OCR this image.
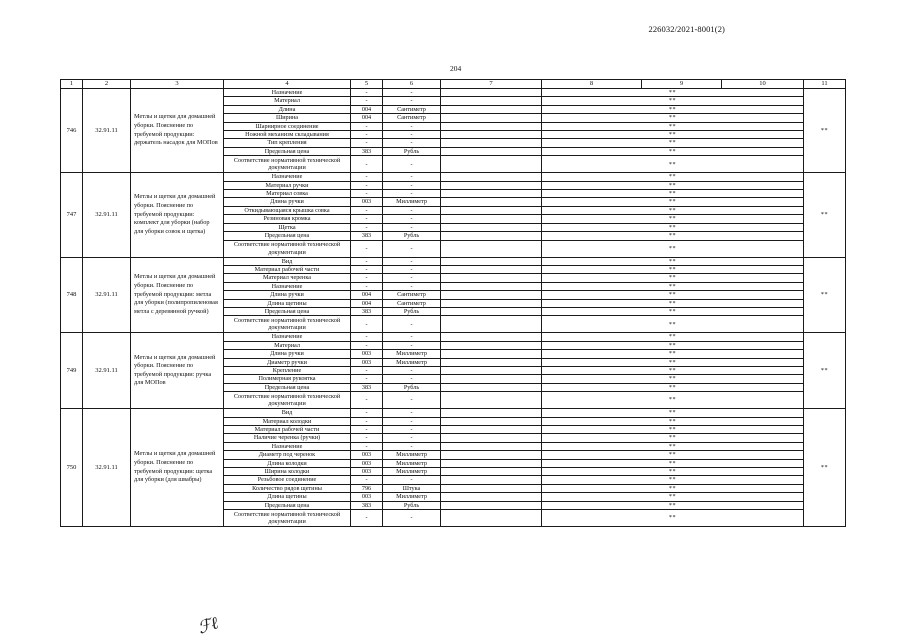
226032/2021-8001(2)
204
1	2	3	4	5	6	7	8	9	10	11
746	32.91.11	Метлы и щетки для домашней уборки. Пояснение по требуемой продукции: держатель насадок для МОПов	Назначение	-	-		**			**
			Материал	-	-		**			
			Длина	004	Сантиметр		**			
			Ширина	004	Сантиметр		**			
			Шарнирное соединение	-	-		**			
			Ножной механизм складывания	-	-		**			
			Тип крепления	-	-		**			
			Предельная цена	383	Рубль		**			
			Соответствие нормативной технической документации	-	-		**			
747	32.91.11	Метлы и щетки для домашней уборки. Пояснение по требуемой продукции: комплект для уборки (набор для уборки совок и щетка)	Назначение	-	-		**			**
			Материал ручки	-	-		**			
			Материал совка	-	-		**			
			Длина ручки	003	Миллиметр		**			
			Откидывающаяся крышка совка	-	-		**			
			Резиновая кромка	-	-		**			
			Щетка	-	-		**			
			Предельная цена	383	Рубль		**			
			Соответствие нормативной технической документации	-	-		**			
748	32.91.11	Метлы и щетки для домашней уборки. Пояснение по требуемой продукции: метла для уборки (полипропиленовая метла с деревянной ручкой)	Вид	-	-		**			**
			Материал рабочей части	-	-		**			
			Материал черенка	-	-		**			
			Назначение	-	-		**			
			Длина ручки	004	Сантиметр		**			
			Длина щетины	004	Сантиметр		**			
			Предельная цена	383	Рубль		**			
			Соответствие нормативной технической документации	-	-		**			
749	32.91.11	Метлы и щетки для домашней уборки. Пояснение по требуемой продукции: ручка для МОПов	Назначение	-	-		**			**
			Материал	-	-		**			
			Длина ручки	003	Миллиметр		**			
			Диаметр ручки	003	Миллиметр		**			
			Крепление	-	-		**			
			Полимерная рукоятка	-	-		**			
			Предельная цена	383	Рубль		**			
			Соответствие нормативной технической документации	-	-		**			
750	32.91.11	Метлы и щетки для домашней уборки. Пояснение по требуемой продукции: щетка для уборки (для швабры)	Вид	-	-		**			**
			Материал колодки	-	-		**			
			Материал рабочей части	-	-		**			
			Наличие черенка (ручки)	-	-		**			
			Назначение	-	-		**			
			Диаметр под черенок	003	Миллиметр		**			
			Длина колодки	003	Миллиметр		**			
			Ширина колодки	003	Миллиметр		**			
			Резьбовое соединение	-	-		**			
			Количество рядов щетины	796	Штука		**			
			Длина щетины	003	Миллиметр		**			
			Предельная цена	383	Рубль		**			
			Соответствие нормативной технической документации	-	-		**			
ℱℓ
